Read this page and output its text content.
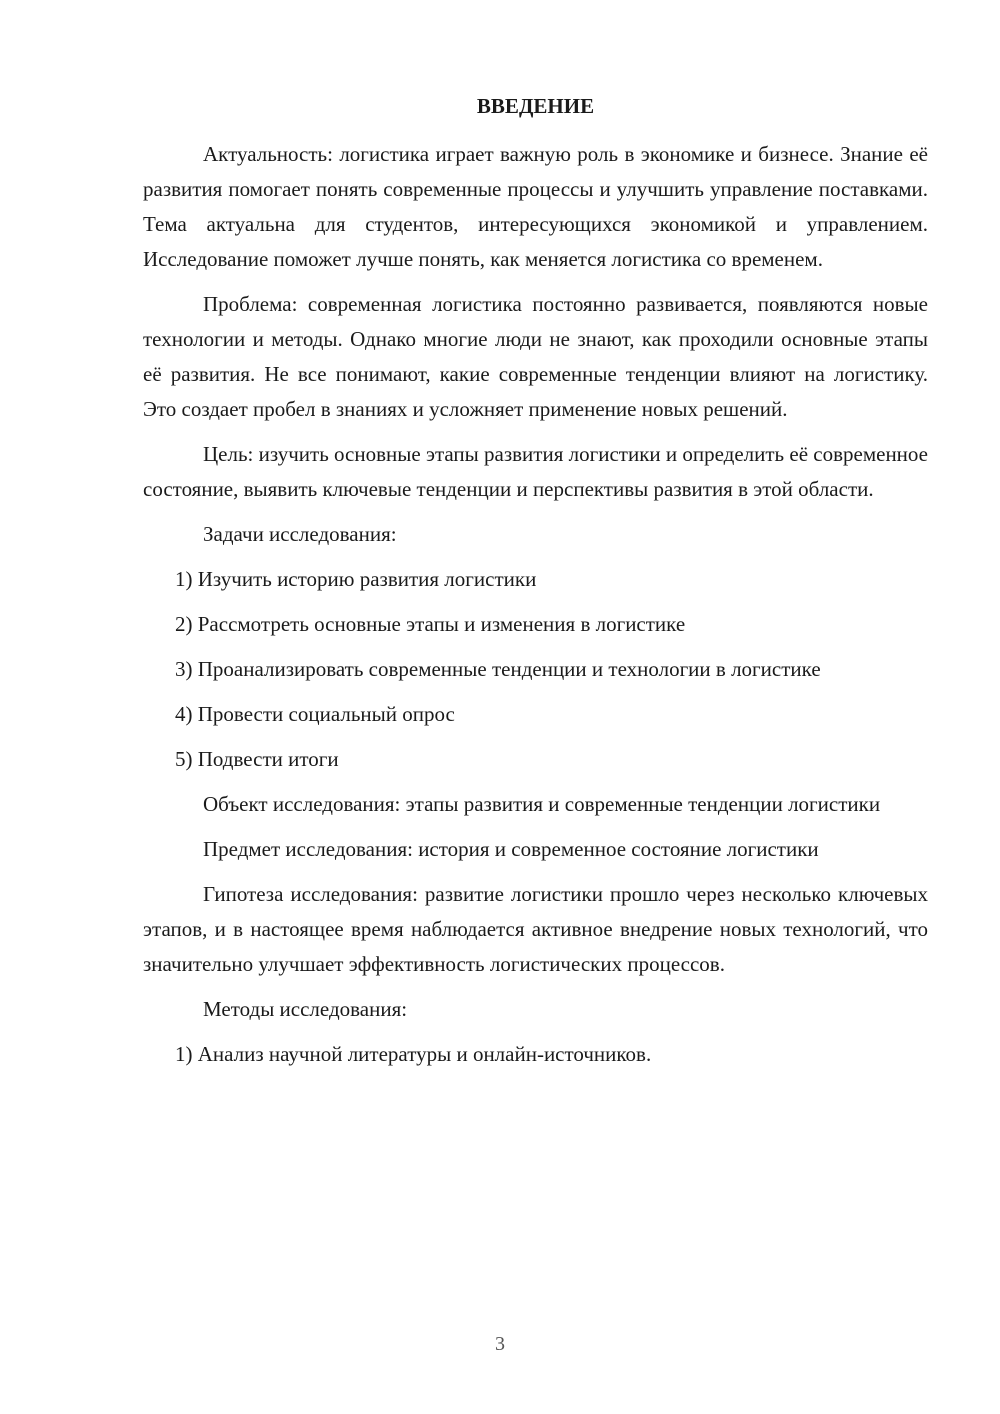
ВВЕДЕНИЕ

Актуальность: логистика играет важную роль в экономике и бизнесе. Знание её развития помогает понять современные процессы и улучшить управление поставками. Тема актуальна для студентов, интересующихся экономикой и управлением. Исследование поможет лучше понять, как меняется логистика со временем.

Проблема: современная логистика постоянно развивается, появляются новые технологии и методы. Однако многие люди не знают, как проходили основные этапы её развития. Не все понимают, какие современные тенденции влияют на логистику. Это создает пробел в знаниях и усложняет применение новых решений.

Цель: изучить основные этапы развития логистики и определить её современное состояние, выявить ключевые тенденции и перспективы развития в этой области.

Задачи исследования:

1) Изучить историю развития логистики

2) Рассмотреть основные этапы и изменения в логистике

3) Проанализировать современные тенденции и технологии в логистике

4) Провести социальный опрос

5) Подвести итоги

Объект исследования: этапы развития и современные тенденции логистики

Предмет исследования: история и современное состояние логистики

Гипотеза исследования: развитие логистики прошло через несколько ключевых этапов, и в настоящее время наблюдается активное внедрение новых технологий, что значительно улучшает эффективность логистических процессов.

Методы исследования:

1) Анализ научной литературы и онлайн-источников.

3
